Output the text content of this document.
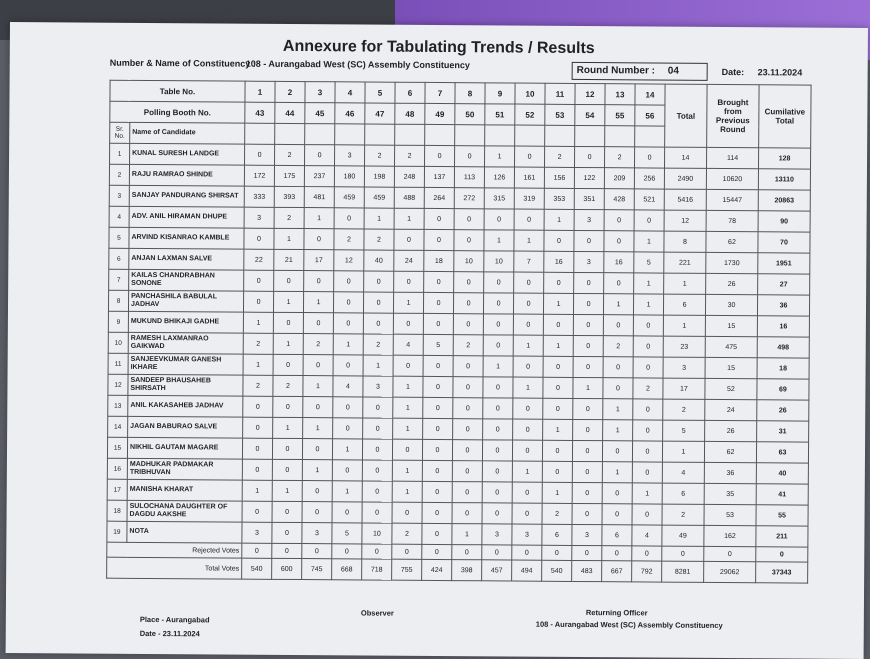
Annexure for Tabulating Trends / Results
Number & Name of Constituency :
108 - Aurangabad West (SC) Assembly Constituency
Round Number : 04	Date: 23.11.2024
Table No.		1	2	3	4	5	6	7	8	9	10	11	12	13	14	Total	Brought from Previous Round	Cumilative Total
Polling Booth No.		43	44	45	46	47	48	49	50	51	52	53	54	55	56			
Sr. No.	Name of Candidate																	
1	KUNAL SURESH LANDGE	0	2	0	3	2	2	0	0	1	0	2	0	2	0	14	114	128
2	RAJU RAMRAO SHINDE	172	175	237	180	198	248	137	113	126	161	156	122	209	256	2490	10620	13110
3	SANJAY PANDURANG SHIRSAT	333	393	481	459	459	488	264	272	315	319	353	351	428	521	5416	15447	20863
4	ADV. ANIL HIRAMAN DHUPE	3	2	1	0	1	1	0	0	0	0	1	3	0	0	12	78	90
5	ARVIND KISANRAO KAMBLE	0	1	0	2	2	0	0	0	1	1	0	0	0	1	8	62	70
6	ANJAN LAXMAN SALVE	22	21	17	12	40	24	18	10	10	7	16	3	16	5	221	1730	1951
7	KAILAS CHANDRABHAN SONONE	0	0	0	0	0	0	0	0	0	0	0	0	0	1	1	26	27
8	PANCHASHILA BABULAL JADHAV	0	1	1	0	0	1	0	0	0	0	1	0	1	1	6	30	36
9	MUKUND BHIKAJI GADHE	1	0	0	0	0	0	0	0	0	0	0	0	0	0	1	15	16
10	RAMESH LAXMANRAO GAIKWAD	2	1	2	1	2	4	5	2	0	1	1	0	2	0	23	475	498
11	SANJEEVKUMAR GANESH IKHARE	1	0	0	0	1	0	0	0	1	0	0	0	0	0	3	15	18
12	SANDEEP BHAUSAHEB SHIRSATH	2	2	1	4	3	1	0	0	0	1	0	1	0	2	17	52	69
13	ANIL KAKASAHEB JADHAV	0	0	0	0	0	1	0	0	0	0	0	0	1	0	2	24	26
14	JAGAN BABURAO SALVE	0	1	1	0	0	1	0	0	0	0	1	0	1	0	5	26	31
15	NIKHIL GAUTAM MAGARE	0	0	0	1	0	0	0	0	0	0	0	0	0	0	1	62	63
16	MADHUKAR PADMAKAR TRIBHUVAN	0	0	1	0	0	1	0	0	0	1	0	0	1	0	4	36	40
17	MANISHA KHARAT	1	1	0	1	0	1	0	0	0	0	1	0	0	1	6	35	41
18	SULOCHANA DAUGHTER OF DAGDU AAKSHE	0	0	0	0	0	0	0	0	0	0	2	0	0	0	2	53	55
19	NOTA	3	0	3	5	10	2	0	1	3	3	6	3	6	4	49	162	211
Rejected Votes		0	0	0	0	0	0	0	0	0	0	0	0	0	0	0	0	0
Total Votes		540	600	745	668	718	755	424	398	457	494	540	483	667	792	8281	29062	37343
Observer
Place - Aurangabad
Date - 23.11.2024
Returning Officer
108 - Aurangabad West (SC) Assembly Constituency
